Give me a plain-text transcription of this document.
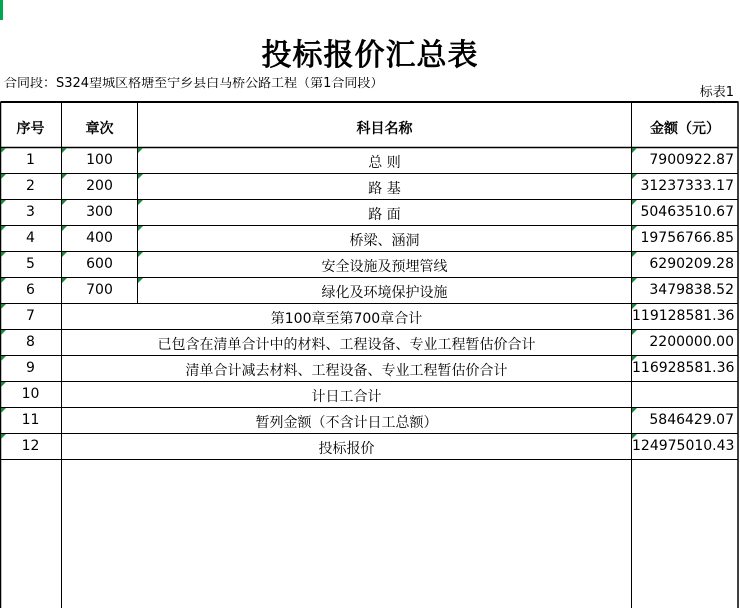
投标报价汇总表
合同段：S324望城区格塘至宁乡县白马桥公路工程（第1合同段）
标表1
序号	章次	科目名称	金额（元）
1	100	总 则	7900922.87
2	200	路 基	31237333.17
3	300	路 面	50463510.67
4	400	桥梁、涵洞	19756766.85
5	600	安全设施及预埋管线	6290209.28
6	700	绿化及环境保护设施	3479838.52
7	第100章至第700章合计	119128581.36
8	已包含在清单合计中的材料、工程设备、专业工程暂估价合计	2200000.00
9	清单合计减去材料、工程设备、专业工程暂估价合计	116928581.36
10	计日工合计
11	暂列金额（不含计日工总额）	5846429.07
12	投标报价	124975010.43
